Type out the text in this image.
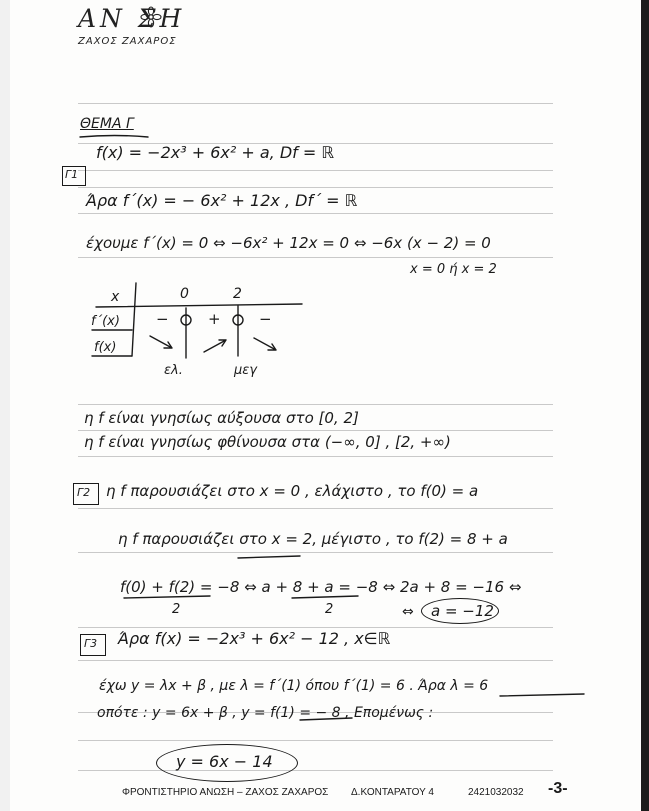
ΑΝ ΣΗ
ΖΑΧΟΣ ΖΑΧΑΡΟΣ
ΘΕΜΑ Γ
f(x) = −2x³ + 6x² + a, Df = ℝ
Γ1
Άρα f΄(x) = − 6x² + 12x , Df΄ = ℝ
έχουμε f΄(x) = 0 ⇔ −6x² + 12x = 0 ⇔ −6x (x − 2) = 0
x = 0 ή x = 2
x	0	2
f΄(x) −	+	−
f(x)
ελ.	μεγ
η f είναι γνησίως αύξουσα στο [0, 2]
η f είναι γνησίως φθίνουσα στα (−∞, 0] , [2, +∞)
Γ2 η f παρουσιάζει στο x = 0 , ελάχιστο , το f(0) = a
η f παρουσιάζει στο x = 2, μέγιστο , το f(2) = 8 + a
f(0) + f(2) = −8 ⇔ a + 8 + a = −8 ⇔ 2a + 8 = −16 ⇔
2	2	⇔ a = −12
Γ3 Άρα f(x) = −2x³ + 6x² − 12 , x∈ℝ
έχω y = λx + β , με λ = f΄(1) όπου f΄(1) = 6 . Άρα λ = 6
οπότε : y = 6x + β , y = f(1) = − 8 , Επομένως :
y = 6x − 14
ΦΡΟΝΤΙΣΤΗΡΙΟ ΑΝΩΣΗ – ΖΑΧΟΣ ΖΑΧΑΡΟΣ Δ.ΚΟΝΤΑΡΑΤΟΥ 4	2421032032 -3-
